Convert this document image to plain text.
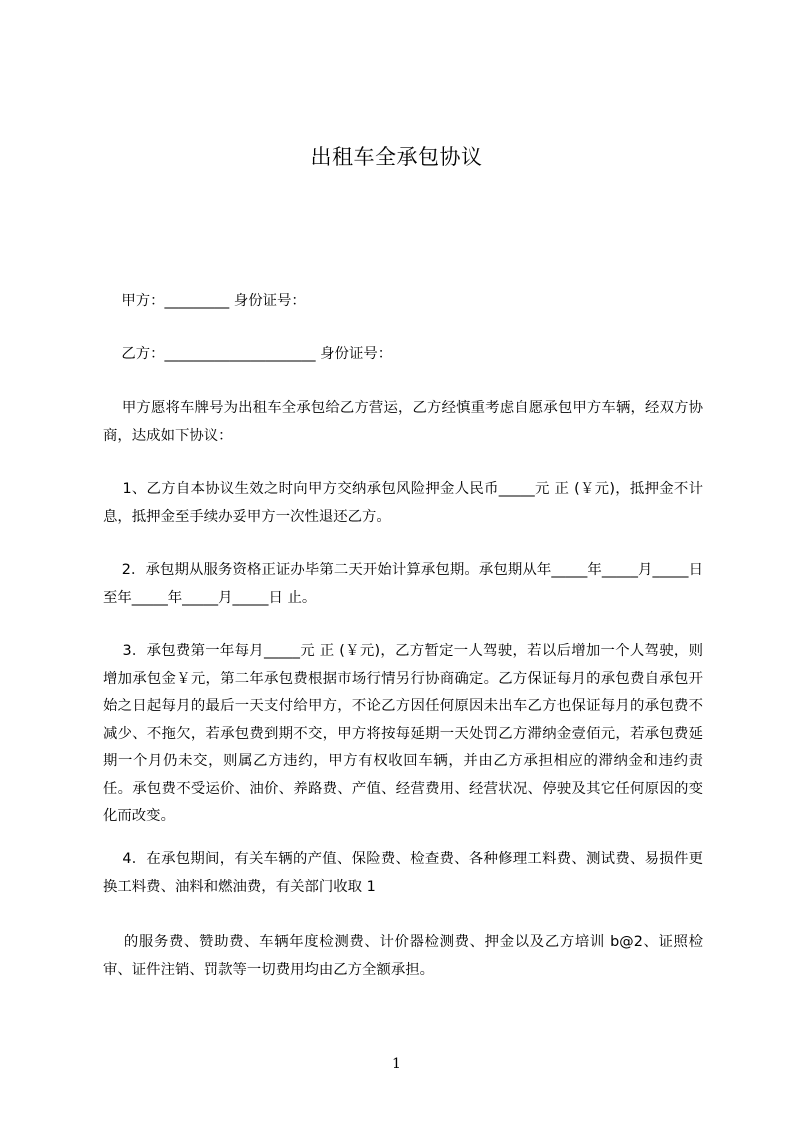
出租车全承包协议

甲方：_________ 身份证号：

乙方：_____________________ 身份证号：

甲方愿将车牌号为出租车全承包给乙方营运，乙方经慎重考虑自愿承包甲方车辆，经双方协商，达成如下协议：

1、乙方自本协议生效之时向甲方交纳承包风险押金人民币_____元 正 (￥元)，抵押金不计息，抵押金至手续办妥甲方一次性退还乙方。

2．承包期从服务资格正证办毕第二天开始计算承包期。承包期从年_____年_____月_____日 至年_____年_____月_____日 止。

3．承包费第一年每月_____元 正 (￥元)，乙方暂定一人驾驶，若以后增加一个人驾驶，则增加承包金￥元，第二年承包费根据市场行情另行协商确定。乙方保证每月的承包费自承包开始之日起每月的最后一天支付给甲方，不论乙方因任何原因未出车乙方也保证每月的承包费不减少、不拖欠，若承包费到期不交，甲方将按每延期一天处罚乙方滞纳金壹佰元，若承包费延期一个月仍未交，则属乙方违约，甲方有权收回车辆，并由乙方承担相应的滞纳金和违约责任。承包费不受运价、油价、养路费、产值、经营费用、经营状况、停驶及其它任何原因的变化而改变。

4．在承包期间，有关车辆的产值、保险费、检查费、各种修理工料费、测试费、易损件更换工料费、油料和燃油费，有关部门收取 1

的服务费、赞助费、车辆年度检测费、计价器检测费、押金以及乙方培训 b@2、证照检审、证件注销、罚款等一切费用均由乙方全额承担。

1
